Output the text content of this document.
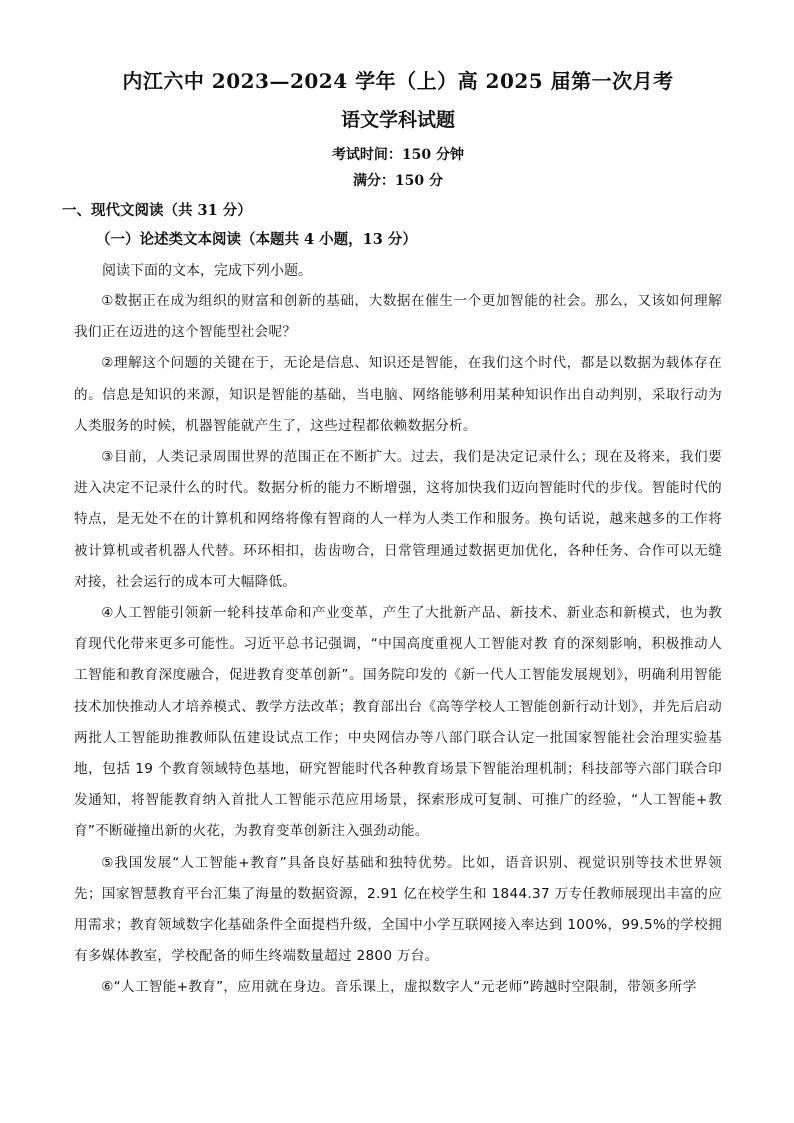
内江六中 2023—2024 学年（上）高 2025 届第一次月考
语文学科试题

考试时间：150 分钟

满分：150 分

一、现代文阅读（共 31 分）
（一）论述类文本阅读（本题共 4 小题，13 分）

阅读下面的文本，完成下列小题。

①数据正在成为组织的财富和创新的基础，大数据在催生一个更加智能的社会。那么，又该如何理解我们正在迈进的这个智能型社会呢？

②理解这个问题的关键在于，无论是信息、知识还是智能，在我们这个时代，都是以数据为载体存在的。信息是知识的来源，知识是智能的基础，当电脑、网络能够利用某种知识作出自动判别，采取行动为人类服务的时候，机器智能就产生了，这些过程都依赖数据分析。

③目前，人类记录周围世界的范围正在不断扩大。过去，我们是决定记录什么；现在及将来，我们要进入决定不记录什么的时代。数据分析的能力不断增强，这将加快我们迈向智能时代的步伐。智能时代的特点，是无处不在的计算机和网络将像有智商的人一样为人类工作和服务。换句话说，越来越多的工作将被计算机或者机器人代替。环环相扣，齿齿吻合，日常管理通过数据更加优化，各种任务、合作可以无缝对接，社会运行的成本可大幅降低。

④人工智能引领新一轮科技革命和产业变革，产生了大批新产品、新技术、新业态和新模式，也为教育现代化带来更多可能性。习近平总书记强调，“中国高度重视人工智能对教 育的深刻影响，积极推动人工智能和教育深度融合，促进教育变革创新”。国务院印发的《新一代人工智能发展规划》，明确利用智能技术加快推动人才培养模式、教学方法改革；教育部出台《高等学校人工智能创新行动计划》，并先后启动两批人工智能助推教师队伍建设试点工作；中央网信办等八部门联合认定一批国家智能社会治理实验基地，包括 19 个教育领域特色基地，研究智能时代各种教育场景下智能治理机制；科技部等六部门联合印发通知，将智能教育纳入首批人工智能示范应用场景，探索形成可复制、可推广的经验，“人工智能+教育”不断碰撞出新的火花，为教育变革创新注入强劲动能。

⑤我国发展“人工智能+教育”具备良好基础和独特优势。比如，语音识别、视觉识别等技术世界领先；国家智慧教育平台汇集了海量的数据资源，2.91 亿在校学生和 1844.37 万专任教师展现出丰富的应用需求；教育领域数字化基础条件全面提档升级，全国中小学互联网接入率达到 100%，99.5%的学校拥有多媒体教室，学校配备的师生终端数量超过 2800 万台。

⑥“人工智能+教育”，应用就在身边。音乐课上，虚拟数字人“元老师”跨越时空限制，带领多所学
